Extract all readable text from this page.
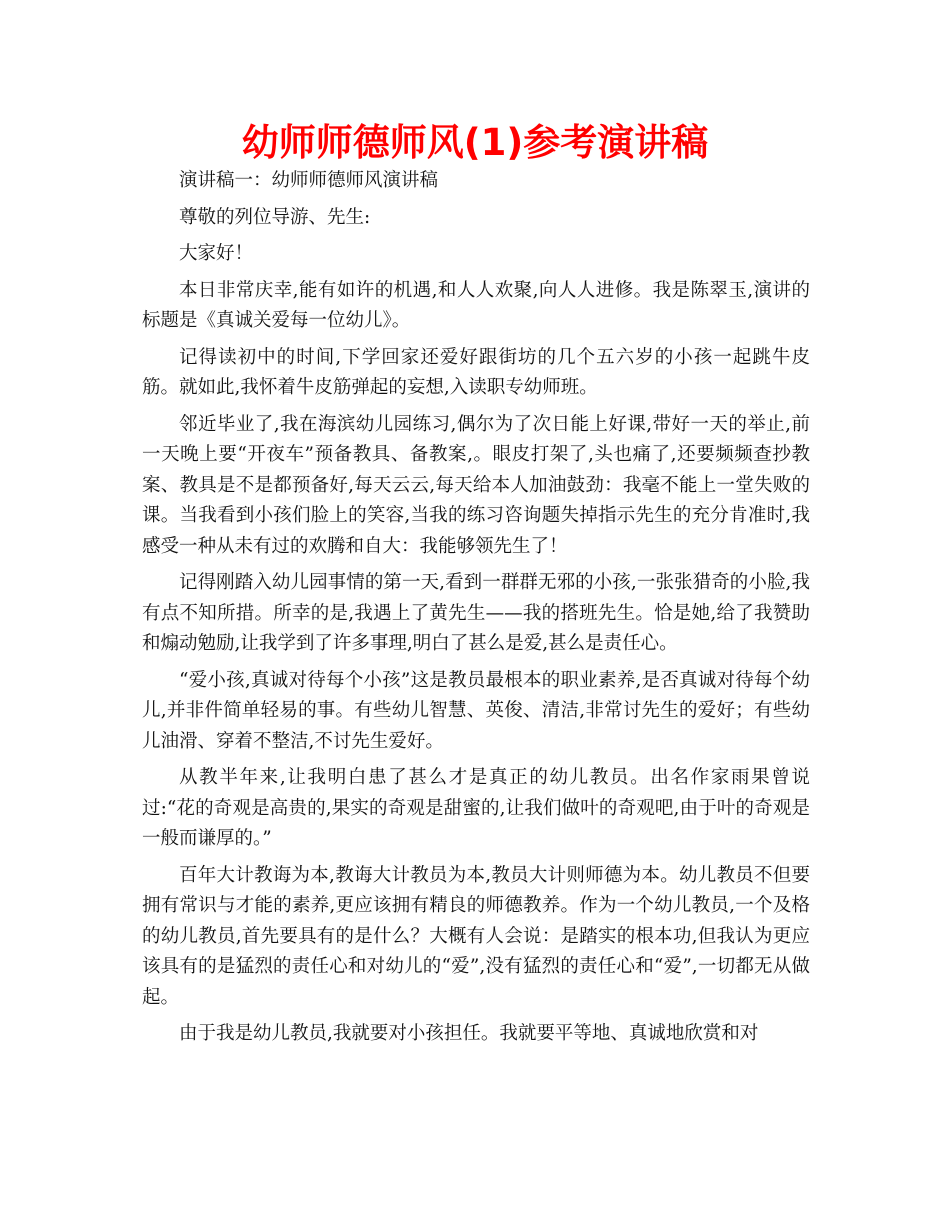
幼师师德师风(1)参考演讲稿

演讲稿一：幼师师德师风演讲稿

尊敬的列位导游、先生:

大家好！

本日非常庆幸,能有如许的机遇,和人人欢聚,向人人进修。我是陈翠玉,演讲的标题是《真诚关爱每一位幼儿》。

记得读初中的时间,下学回家还爱好跟街坊的几个五六岁的小孩一起跳牛皮筋。就如此,我怀着牛皮筋弹起的妄想,入读职专幼师班。

邻近毕业了,我在海滨幼儿园练习,偶尔为了次日能上好课,带好一天的举止,前一天晚上要“开夜车”预备教具、备教案,。眼皮打架了,头也痛了,还要频频查抄教案、教具是不是都预备好,每天云云,每天给本人加油鼓劲：我毫不能上一堂失败的课。当我看到小孩们脸上的笑容,当我的练习咨询题失掉指示先生的充分肯准时,我感受一种从未有过的欢腾和自大：我能够领先生了！

记得刚踏入幼儿园事情的第一天,看到一群群无邪的小孩,一张张猎奇的小脸,我有点不知所措。所幸的是,我遇上了黄先生——我的搭班先生。恰是她,给了我赞助和煽动勉励,让我学到了许多事理,明白了甚么是爱,甚么是责任心。

“爱小孩,真诚对待每个小孩”这是教员最根本的职业素养,是否真诚对待每个幼儿,并非件简单轻易的事。有些幼儿智慧、英俊、清洁,非常讨先生的爱好；有些幼儿油滑、穿着不整洁,不讨先生爱好。

从教半年来,让我明白患了甚么才是真正的幼儿教员。出名作家雨果曾说过:“花的奇观是高贵的,果实的奇观是甜蜜的,让我们做叶的奇观吧,由于叶的奇观是一般而谦厚的。”

百年大计教诲为本,教诲大计教员为本,教员大计则师德为本。幼儿教员不但要拥有常识与才能的素养,更应该拥有精良的师德教养。作为一个幼儿教员,一个及格的幼儿教员,首先要具有的是什么？大概有人会说：是踏实的根本功,但我认为更应该具有的是猛烈的责任心和对幼儿的“爱”,没有猛烈的责任心和“爱”,一切都无从做起。

由于我是幼儿教员,我就要对小孩担任。我就要平等地、真诚地欣赏和对
